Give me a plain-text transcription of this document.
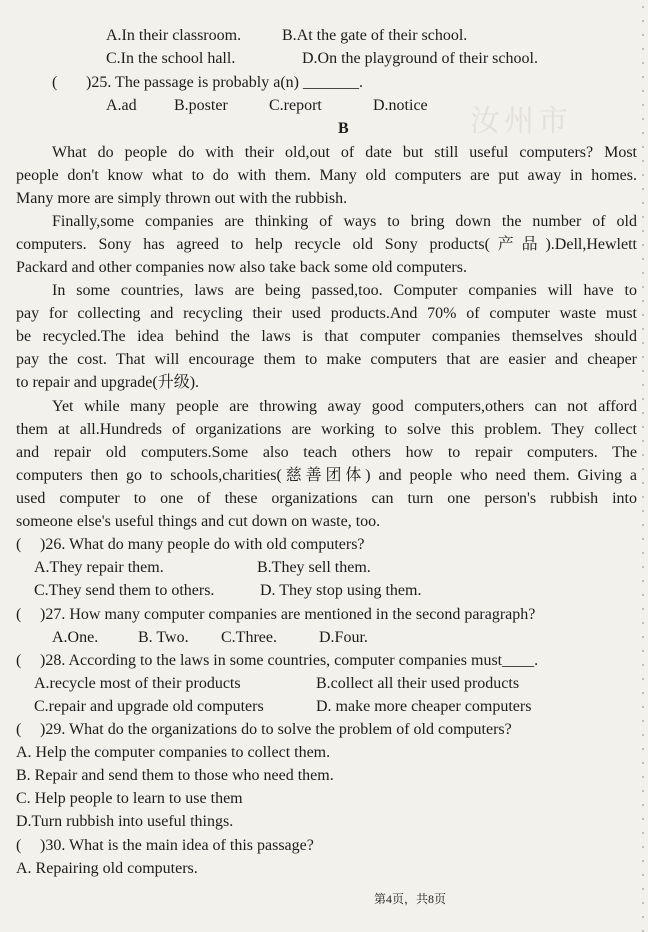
汝州市
A.In their classroom.	B.At the gate of their school.
C.In the school hall.	D.On the playground of their school.
( )25. The passage is probably a(n) _______.
A.ad B.poster	C.report	D.notice
B
What do people do with their old,out of date but still useful computers? Most
people don't know what to do with them. Many old computers are put away in homes.
Many more are simply thrown out with the rubbish.
Finally,some companies are thinking of ways to bring down the number of old
computers. Sony has agreed to help recycle old Sony products(产品).Dell,Hewlett
Packard and other companies now also take back some old computers.
In some countries, laws are being passed,too. Computer companies will have to
pay for collecting and recycling their used products.And 70% of computer waste must
be recycled.The idea behind the laws is that computer companies themselves should
pay the cost. That will encourage them to make computers that are easier and cheaper
to repair and upgrade(升级).
Yet while many people are throwing away good computers,others can not afford
them at all.Hundreds of organizations are working to solve this problem. They collect
and repair old computers.Some also teach others how to repair computers. The
computers then go to schools,charities(慈善团体) and people who need them. Giving a
used computer to one of these organizations can turn one person's rubbish into
someone else's useful things and cut down on waste, too.
( )26. What do many people do with old computers?
A.They repair them.	B.They sell them.
C.They send them to others.	D. They stop using them.
( )27. How many computer companies are mentioned in the second paragraph?
A.One. B. Two. C.Three.	D.Four.
( )28. According to the laws in some countries, computer companies must____.
A.recycle most of their products	B.collect all their used products
C.repair and upgrade old computers	D. make more cheaper computers
( )29. What do the organizations do to solve the problem of old computers?
A. Help the computer companies to collect them.
B. Repair and send them to those who need them.
C. Help people to learn to use them
D.Turn rubbish into useful things.
( )30. What is the main idea of this passage?
A. Repairing old computers.
第4页，共8页
